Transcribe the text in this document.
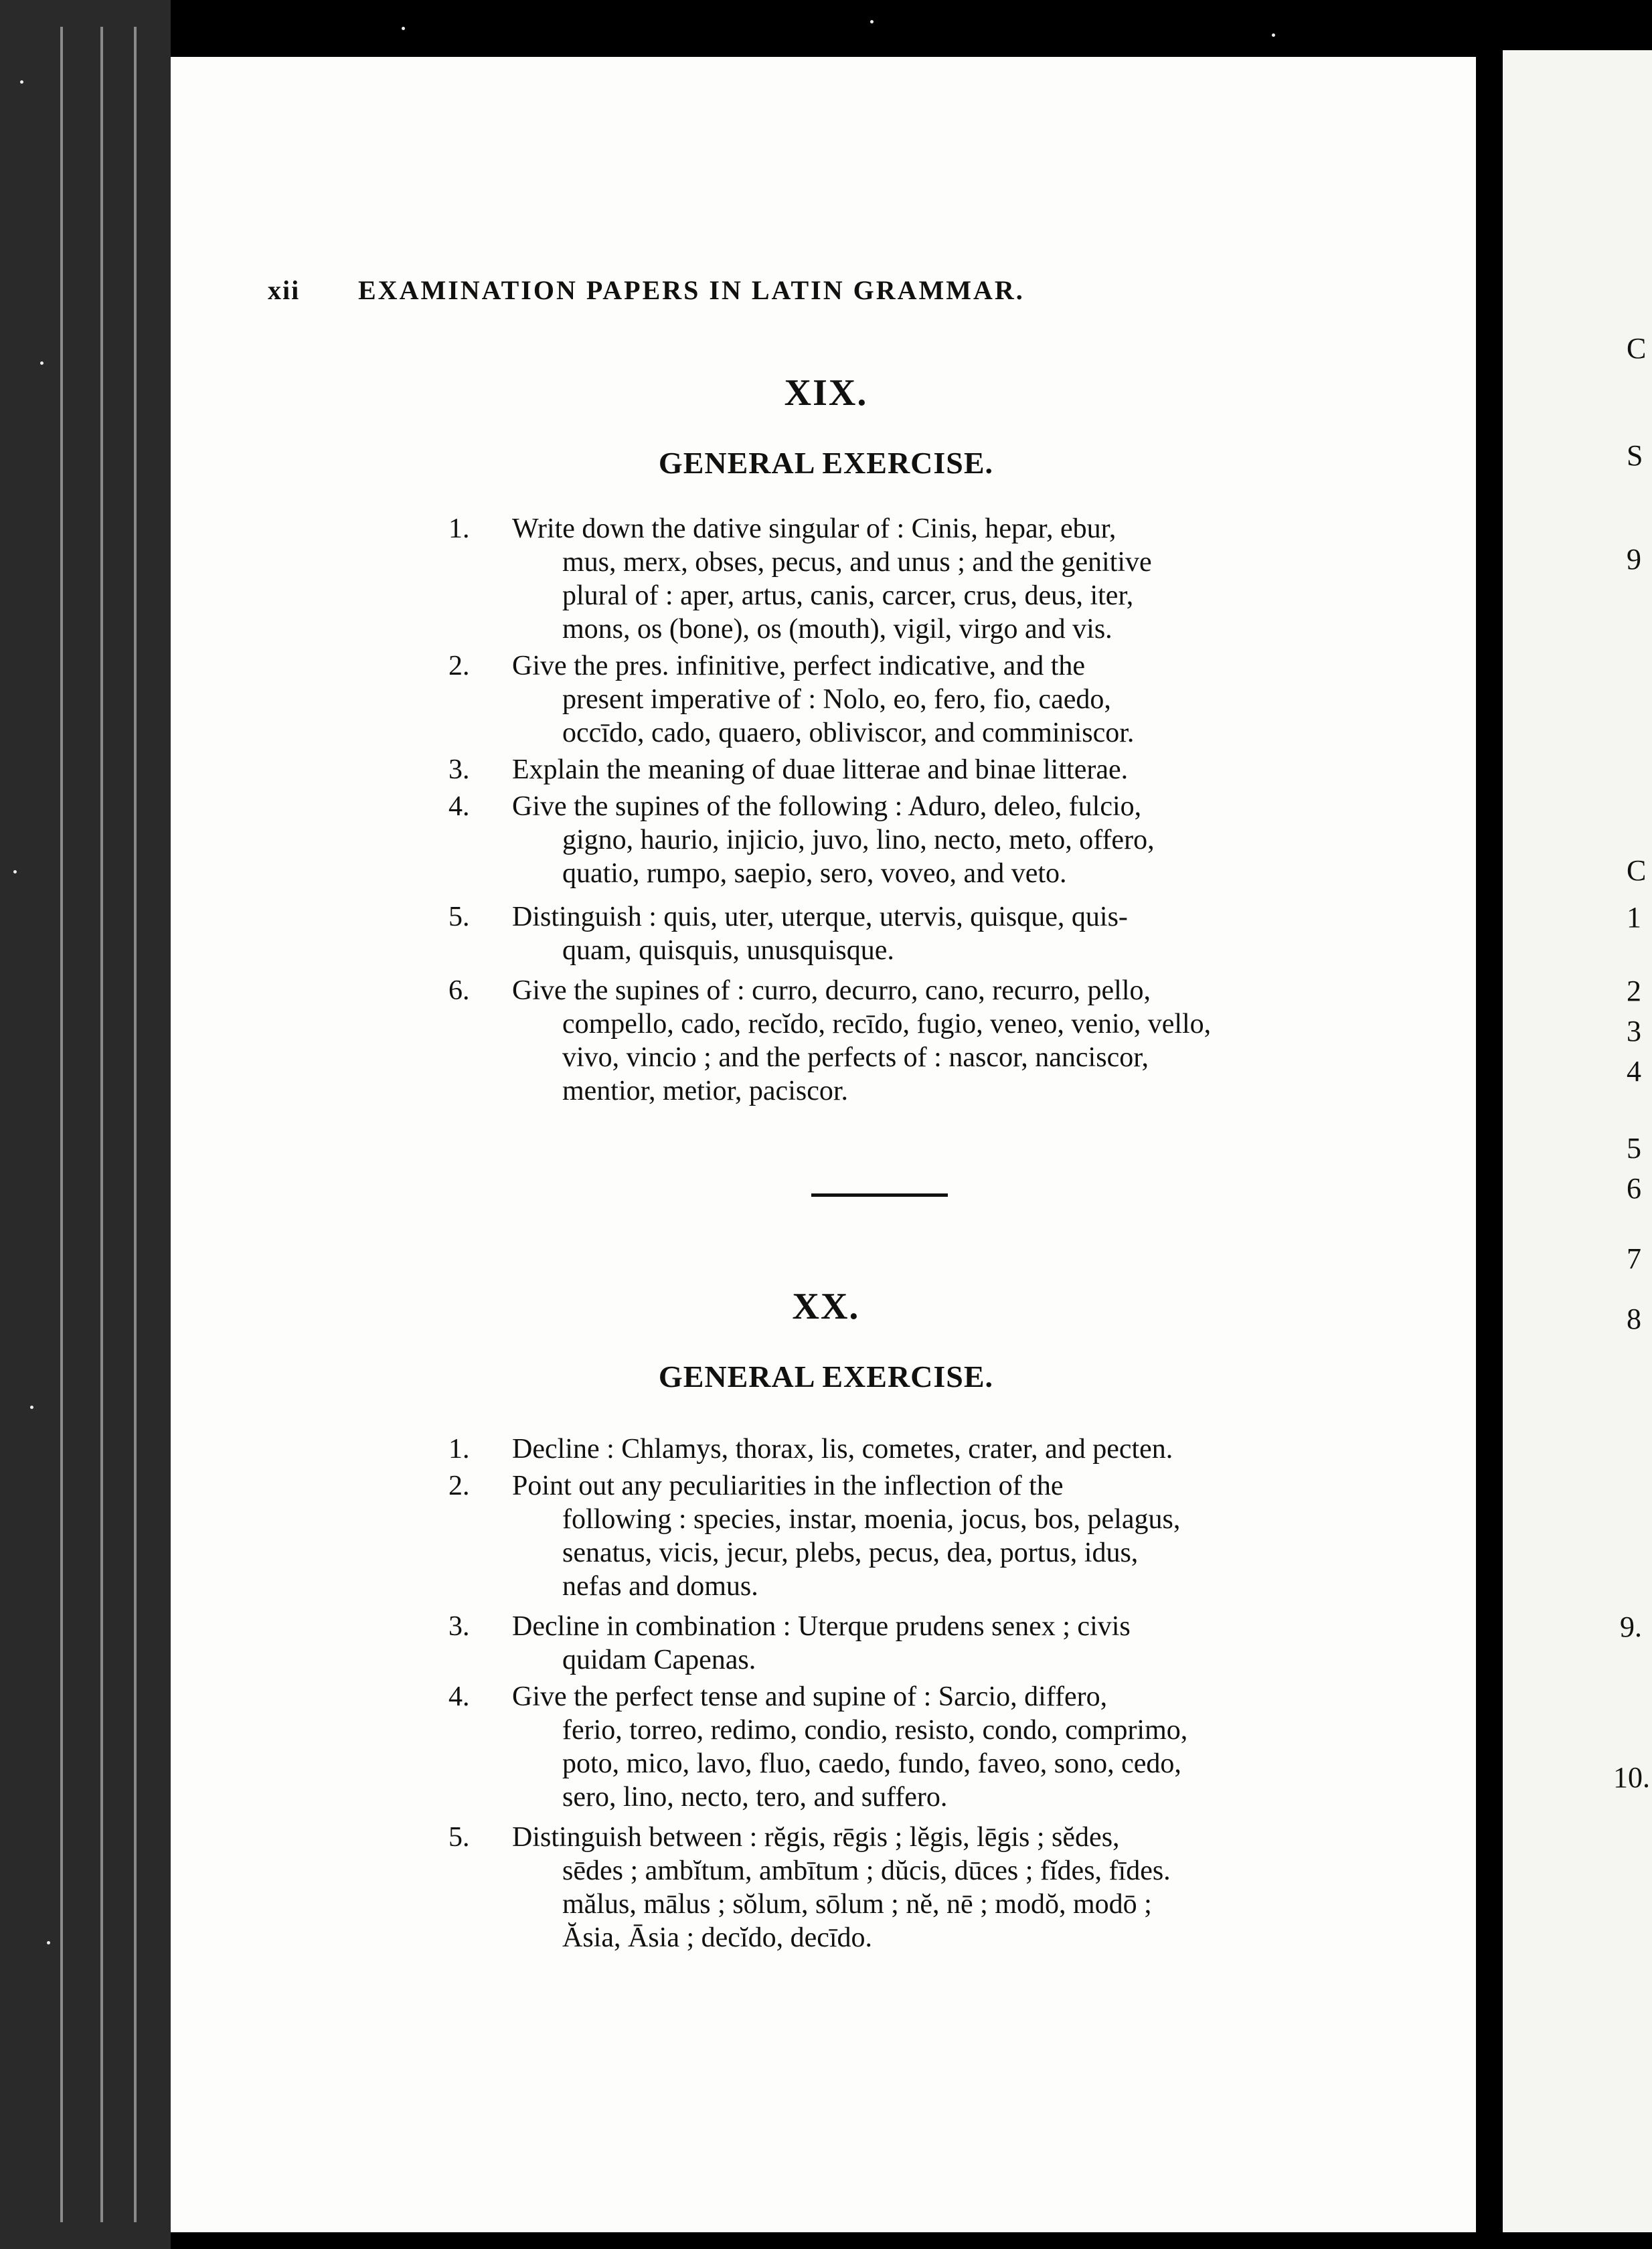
C
S
9
C
1
2
3
4
5
6
7
8
9.
10.
xii EXAMINATION PAPERS IN LATIN GRAMMAR.
XIX.
GENERAL EXERCISE.
1. Write down the dative singular of : Cinis, hepar, ebur,
mus, merx, obses, pecus, and unus ; and the genitive
plural of : aper, artus, canis, carcer, crus, deus, iter,
mons, os (bone), os (mouth), vigil, virgo and vis.
2. Give the pres. infinitive, perfect indicative, and the
present imperative of : Nolo, eo, fero, fio, caedo,
occīdo, cado, quaero, obliviscor, and comminiscor.
3. Explain the meaning of duae litterae and binae litterae.
4. Give the supines of the following : Aduro, deleo, fulcio,
gigno, haurio, injicio, juvo, lino, necto, meto, offero,
quatio, rumpo, saepio, sero, voveo, and veto.
5. Distinguish : quis, uter, uterque, utervis, quisque, quis-
quam, quisquis, unusquisque.
6. Give the supines of : curro, decurro, cano, recurro, pello,
compello, cado, recĭdo, recīdo, fugio, veneo, venio, vello,
vivo, vincio ; and the perfects of : nascor, nanciscor,
mentior, metior, paciscor.
XX.
GENERAL EXERCISE.
1. Decline : Chlamys, thorax, lis, cometes, crater, and pecten.
2. Point out any peculiarities in the inflection of the
following : species, instar, moenia, jocus, bos, pelagus,
senatus, vicis, jecur, plebs, pecus, dea, portus, idus,
nefas and domus.
3. Decline in combination : Uterque prudens senex ; civis
quidam Capenas.
4. Give the perfect tense and supine of : Sarcio, differo,
ferio, torreo, redimo, condio, resisto, condo, comprimo,
poto, mico, lavo, fluo, caedo, fundo, faveo, sono, cedo,
sero, lino, necto, tero, and suffero.
5. Distinguish between : rĕgis, rēgis ; lĕgis, lēgis ; sĕdes,
sēdes ; ambĭtum, ambītum ; dŭcis, dūces ; fĭdes, fīdes.
mălus, mālus ; sŏlum, sōlum ; nĕ, nē ; modŏ, modō ;
Ăsia, Āsia ; decĭdo, decīdo.
